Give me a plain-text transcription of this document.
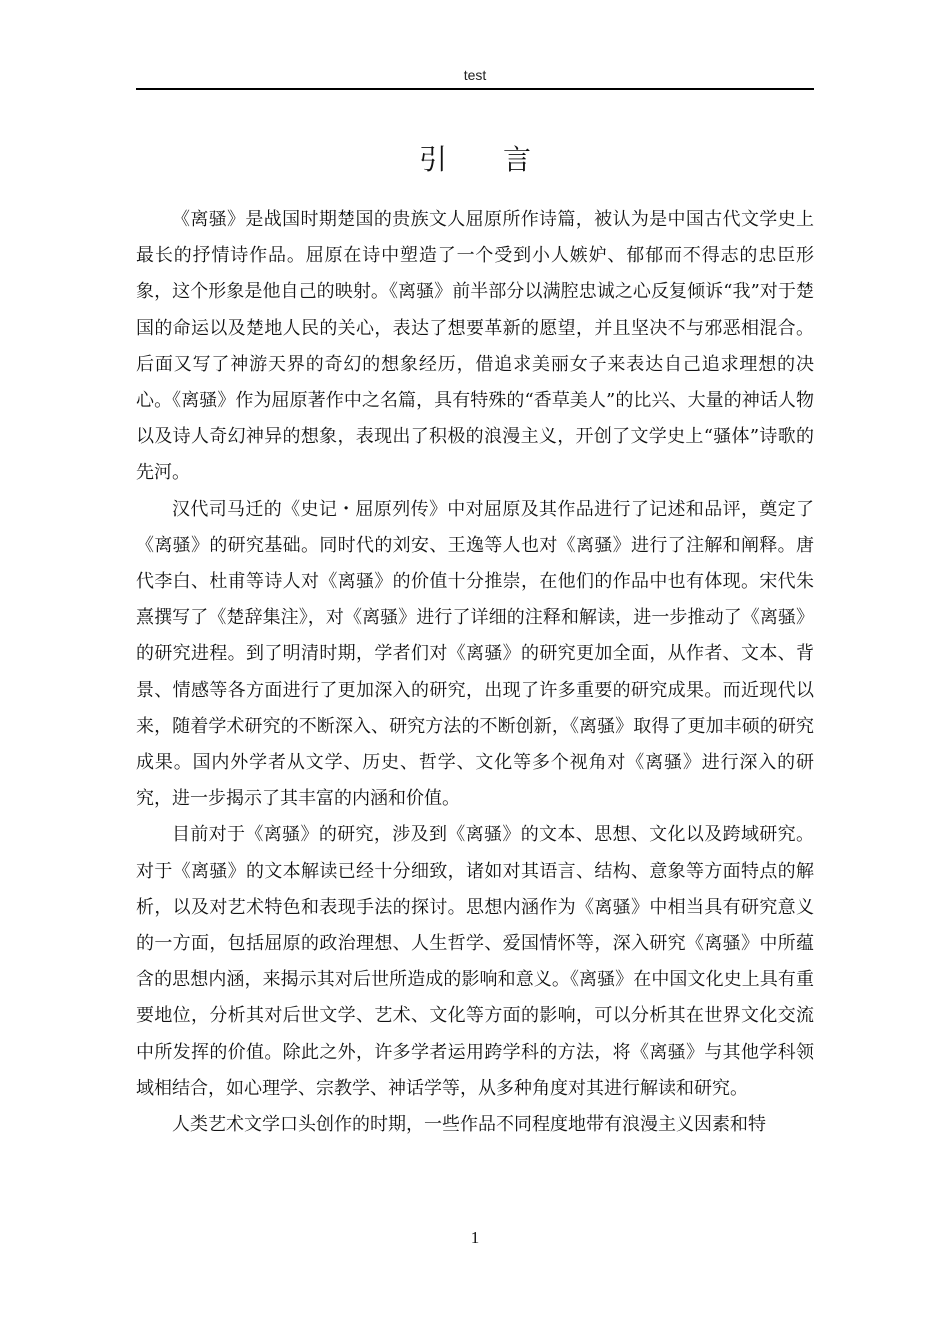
test
引言

《离骚》是战国时期楚国的贵族文人屈原所作诗篇，被认为是中国古代文学史上最长的抒情诗作品。屈原在诗中塑造了一个受到小人嫉妒、郁郁而不得志的忠臣形象，这个形象是他自己的映射。《离骚》前半部分以满腔忠诚之心反复倾诉“我”对于楚国的命运以及楚地人民的关心，表达了想要革新的愿望，并且坚决不与邪恶相混合。后面又写了神游天界的奇幻的想象经历，借追求美丽女子来表达自己追求理想的决心。《离骚》作为屈原著作中之名篇，具有特殊的“香草美人”的比兴、大量的神话人物以及诗人奇幻神异的想象，表现出了积极的浪漫主义，开创了文学史上“骚体”诗歌的先河。

汉代司马迁的《史记・屈原列传》中对屈原及其作品进行了记述和品评，奠定了《离骚》的研究基础。同时代的刘安、王逸等人也对《离骚》进行了注解和阐释。唐代李白、杜甫等诗人对《离骚》的价值十分推崇，在他们的作品中也有体现。宋代朱熹撰写了《楚辞集注》，对《离骚》进行了详细的注释和解读，进一步推动了《离骚》的研究进程。到了明清时期，学者们对《离骚》的研究更加全面，从作者、文本、背景、情感等各方面进行了更加深入的研究，出现了许多重要的研究成果。而近现代以来，随着学术研究的不断深入、研究方法的不断创新，《离骚》取得了更加丰硕的研究成果。国内外学者从文学、历史、哲学、文化等多个视角对《离骚》进行深入的研究，进一步揭示了其丰富的内涵和价值。

目前对于《离骚》的研究，涉及到《离骚》的文本、思想、文化以及跨域研究。对于《离骚》的文本解读已经十分细致，诸如对其语言、结构、意象等方面特点的解析，以及对艺术特色和表现手法的探讨。思想内涵作为《离骚》中相当具有研究意义的一方面，包括屈原的政治理想、人生哲学、爱国情怀等，深入研究《离骚》中所蕴含的思想内涵，来揭示其对后世所造成的影响和意义。《离骚》在中国文化史上具有重要地位，分析其对后世文学、艺术、文化等方面的影响，可以分析其在世界文化交流中所发挥的价值。除此之外，许多学者运用跨学科的方法，将《离骚》与其他学科领域相结合，如心理学、宗教学、神话学等，从多种角度对其进行解读和研究。

人类艺术文学口头创作的时期，一些作品不同程度地带有浪漫主义因素和特

1
